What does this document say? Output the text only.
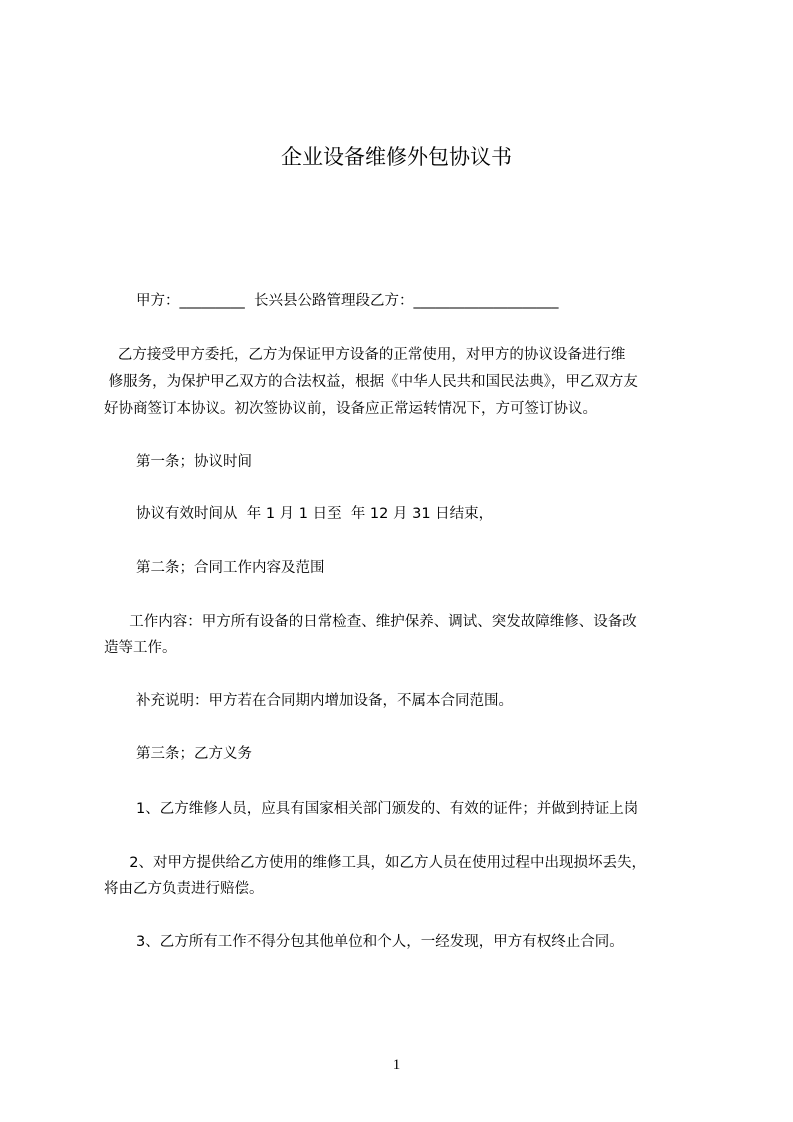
企业设备维修外包协议书
甲方：_________  长兴县公路管理段乙方：____________________
乙方接受甲方委托，乙方为保证甲方设备的正常使用，对甲方的协议设备进行维
修服务，为保护甲乙双方的合法权益，根据《中华人民共和国民法典》，甲乙双方友
好协商签订本协议。初次签协议前，设备应正常运转情况下，方可签订协议。
第一条；协议时间
协议有效时间从  年 1 月 1 日至  年 12 月 31 日结束，
第二条；合同工作内容及范围
工作内容：甲方所有设备的日常检查、维护保养、调试、突发故障维修、设备改
造等工作。
补充说明：甲方若在合同期内增加设备，不属本合同范围。
第三条；乙方义务
1、乙方维修人员，应具有国家相关部门颁发的、有效的证件；并做到持证上岗
2、对甲方提供给乙方使用的维修工具，如乙方人员在使用过程中出现损坏丢失，
将由乙方负责进行赔偿。
3、乙方所有工作不得分包其他单位和个人，一经发现，甲方有权终止合同。
1
